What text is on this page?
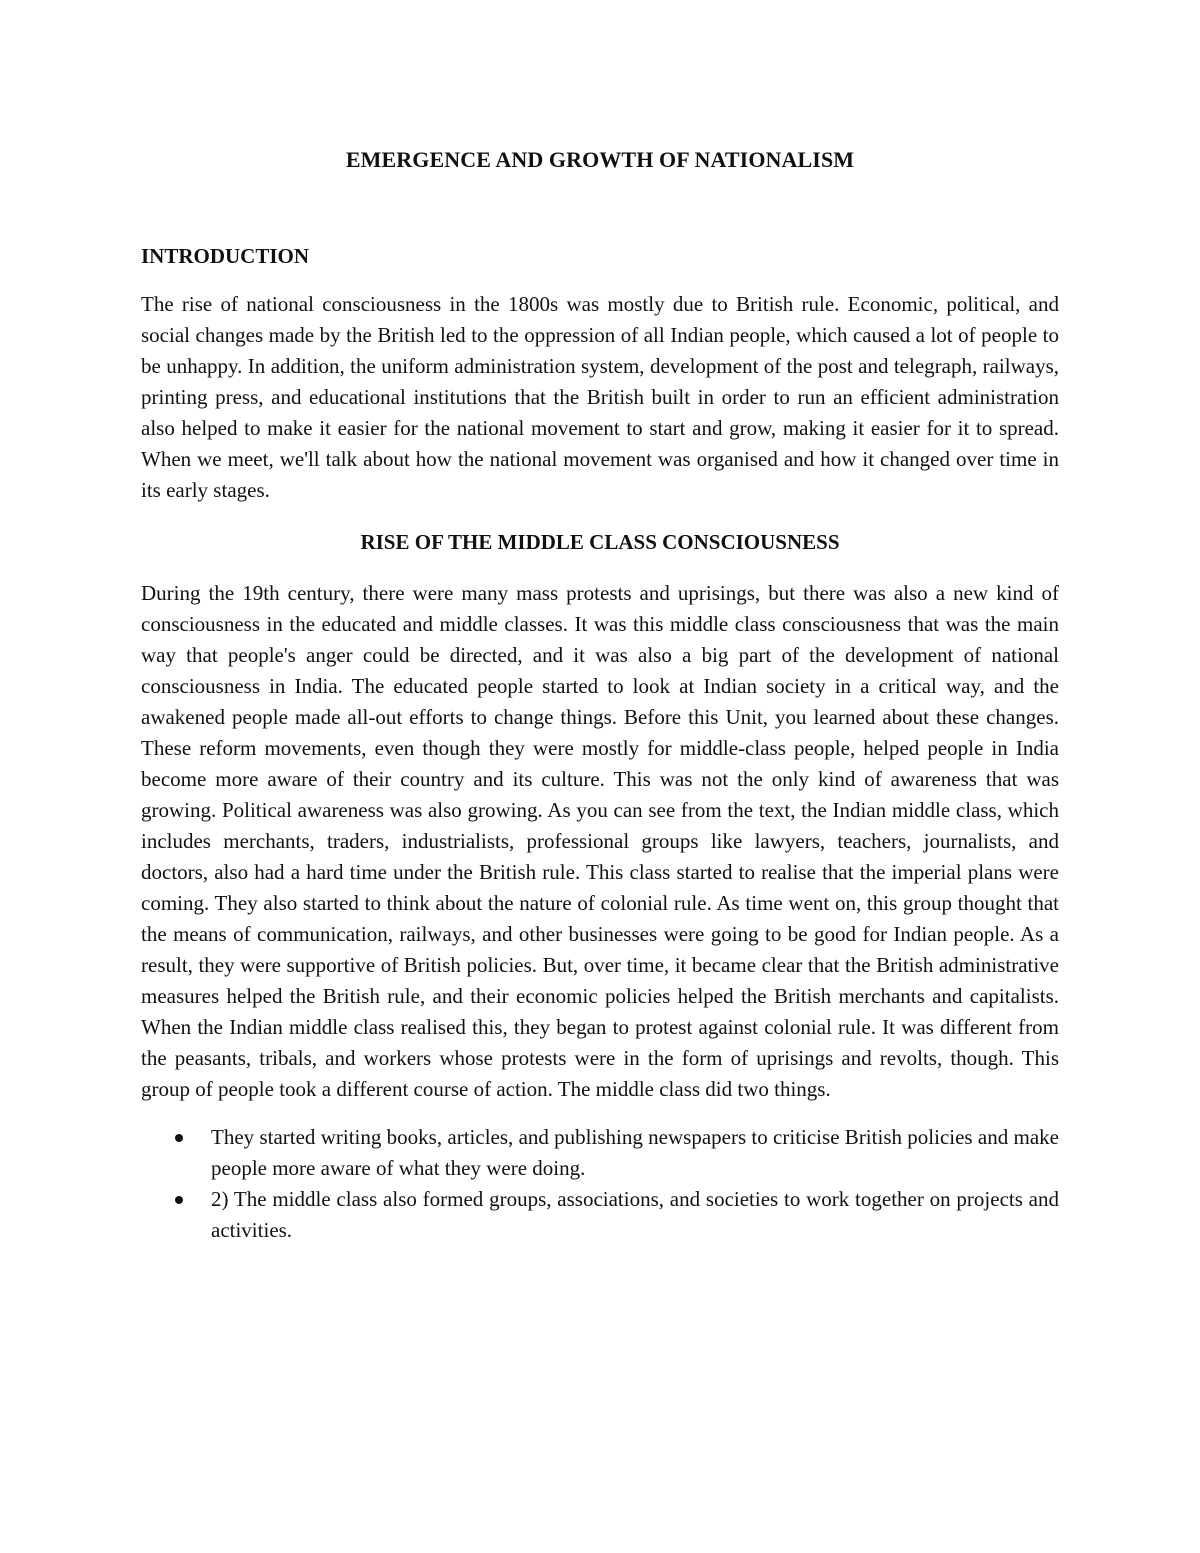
EMERGENCE AND GROWTH OF NATIONALISM
INTRODUCTION

The rise of national consciousness in the 1800s was mostly due to British rule. Economic, political, and social changes made by the British led to the oppression of all Indian people, which caused a lot of people to be unhappy. In addition, the uniform administration system, development of the post and telegraph, railways, printing press, and educational institutions that the British built in order to run an efficient administration also helped to make it easier for the national movement to start and grow, making it easier for it to spread. When we meet, we'll talk about how the national movement was organised and how it changed over time in its early stages.

RISE OF THE MIDDLE CLASS CONSCIOUSNESS

During the 19th century, there were many mass protests and uprisings, but there was also a new kind of consciousness in the educated and middle classes. It was this middle class consciousness that was the main way that people's anger could be directed, and it was also a big part of the development of national consciousness in India. The educated people started to look at Indian society in a critical way, and the awakened people made all-out efforts to change things. Before this Unit, you learned about these changes. These reform movements, even though they were mostly for middle-class people, helped people in India become more aware of their country and its culture. This was not the only kind of awareness that was growing. Political awareness was also growing. As you can see from the text, the Indian middle class, which includes merchants, traders, industrialists, professional groups like lawyers, teachers, journalists, and doctors, also had a hard time under the British rule. This class started to realise that the imperial plans were coming. They also started to think about the nature of colonial rule. As time went on, this group thought that the means of communication, railways, and other businesses were going to be good for Indian people. As a result, they were supportive of British policies. But, over time, it became clear that the British administrative measures helped the British rule, and their economic policies helped the British merchants and capitalists. When the Indian middle class realised this, they began to protest against colonial rule. It was different from the peasants, tribals, and workers whose protests were in the form of uprisings and revolts, though. This group of people took a different course of action. The middle class did two things.

They started writing books, articles, and publishing newspapers to criticise British policies and make people more aware of what they were doing.
2) The middle class also formed groups, associations, and societies to work together on projects and activities.
